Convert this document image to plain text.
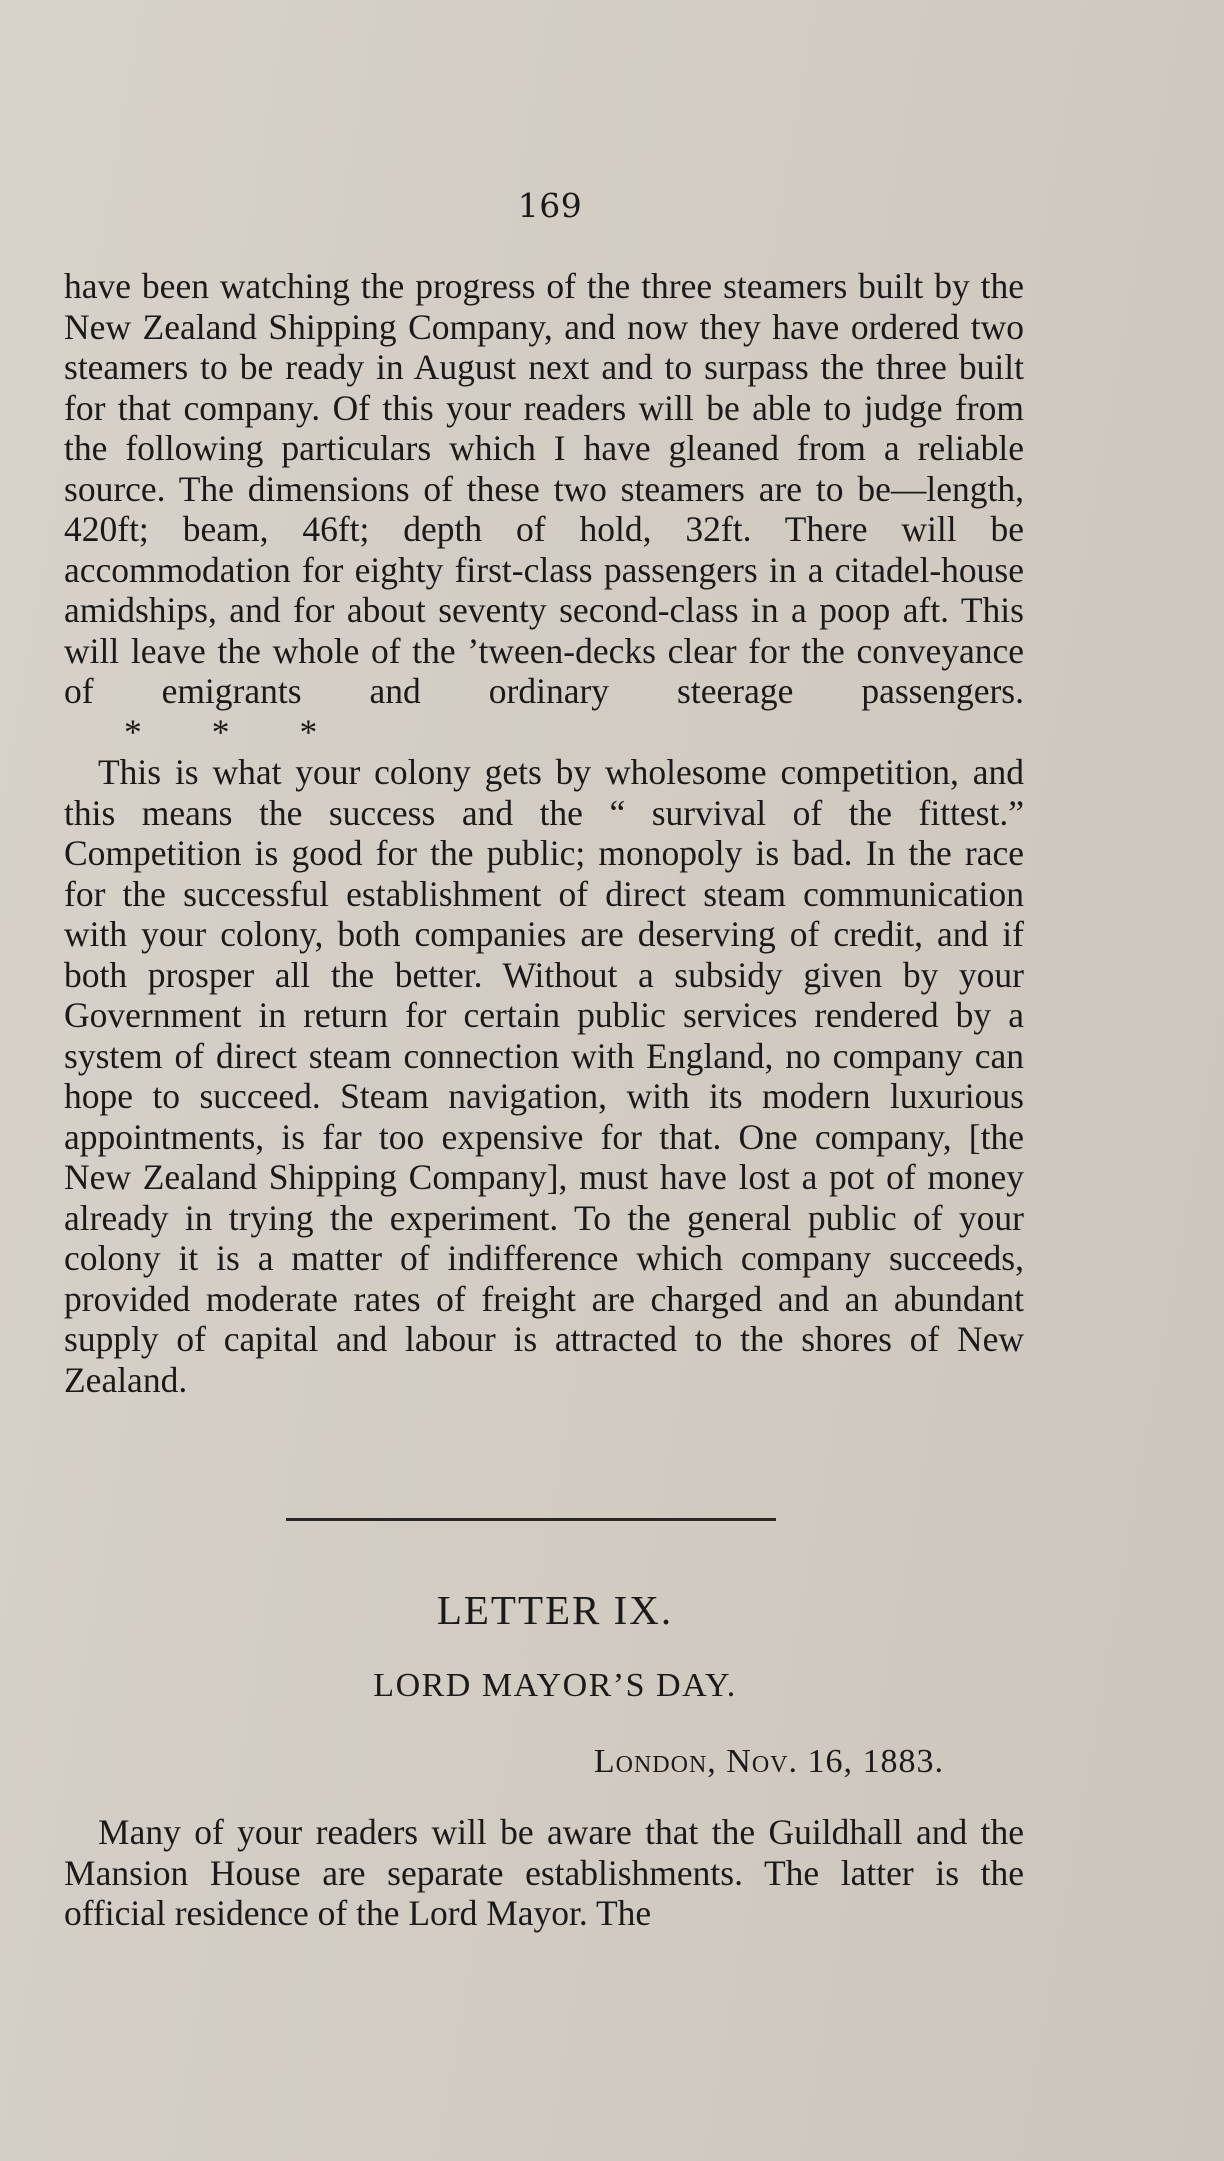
169

have been watching the progress of the three steamers built by the New Zealand Shipping Company, and now they have ordered two steamers to be ready in August next and to surpass the three built for that company. Of this your readers will be able to judge from the following particulars which I have gleaned from a reliable source. The dimensions of these two steamers are to be—length, 420ft; beam, 46ft; depth of hold, 32ft. There will be accommodation for eighty first-class passengers in a citadel-house amidships, and for about seventy second-class in a poop aft. This will leave the whole of the ’tween-decks clear for the conveyance of emigrants and ordinary steerage passengers.* * *

This is what your colony gets by wholesome competition, and this means the success and the “ survival of the fittest.” Competition is good for the public; monopoly is bad. In the race for the successful establishment of direct steam communication with your colony, both companies are deserving of credit, and if both prosper all the better. Without a subsidy given by your Government in return for certain public services rendered by a system of direct steam connection with England, no company can hope to succeed. Steam navigation, with its modern luxurious appointments, is far too expensive for that. One company, [the New Zealand Shipping Company], must have lost a pot of money already in trying the experiment. To the general public of your colony it is a matter of indifference which company succeeds, provided moderate rates of freight are charged and an abundant supply of capital and labour is attracted to the shores of New Zealand.

LETTER IX.
LORD MAYOR’S DAY.
London, Nov. 16, 1883.

Many of your readers will be aware that the Guildhall and the Mansion House are separate establishments. The latter is the official residence of the Lord Mayor. The
